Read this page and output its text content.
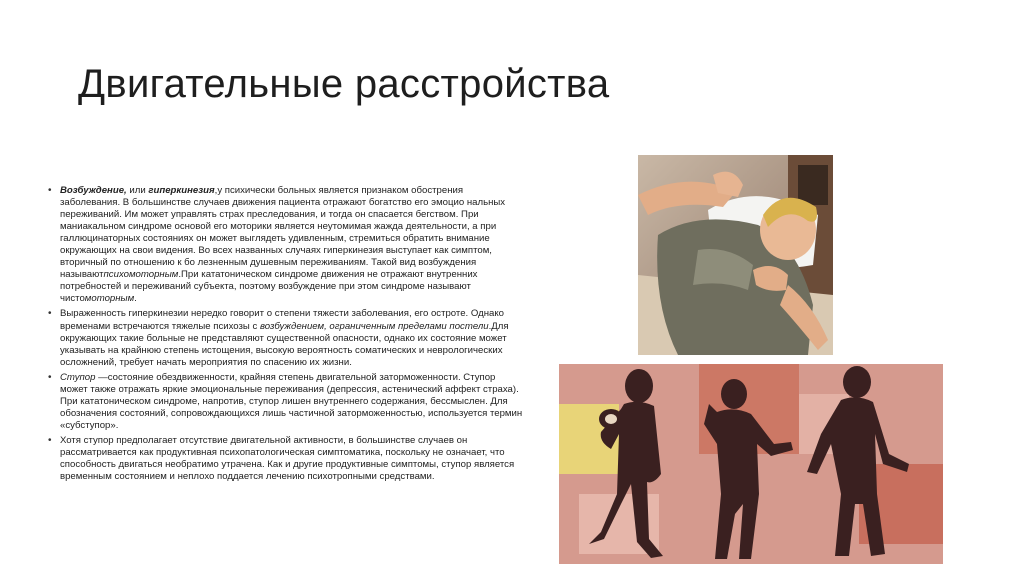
Двигательные расстройства

• Возбуждение, или гиперкинезия,у психически больных является признаком обострения заболевания. В большинстве случаев движения пациента отражают богатство его эмоцио нальных переживаний. Им может управлять страх преследования, и тогда он спасается бегством. При маниакальном синдроме основой его моторики является неутомимая жажда деятельности, а при галлюцинаторных состояниях он может выглядеть удивленным, стремиться обратить внимание окружающих на свои видения. Во всех названных случаях гиперкинезия выступает как симптом, вторичный по отношению к бо лезненным душевным переживаниям. Такой вид возбуждения называютпсихомоторным.При кататоническом синдроме движения не отражают внутренних потребностей и переживаний субъекта, поэтому возбуждение при этом синдроме называют чистомоторным.

• Выраженность гиперкинезии нередко говорит о степени тяжести заболевания, его остроте. Однако временами встречаются тяжелые психозы с возбуждением, ограниченным пределами постели.Для окружающих такие больные не представляют существенной опасности, однако их состояние может указывать на крайнюю степень истощения, высокую вероятность соматических и неврологических осложнений, требует начать мероприятия по спасению их жизни.

• Ступор —состояние обездвиженности, крайняя степень двигательной заторможенности. Ступор может также отражать яркие эмоциональные переживания (депрессия, астенический аффект страха). При кататоническом синдроме, напротив, ступор лишен внутреннего содержания, бессмыслен. Для обозначения состояний, сопровождающихся лишь частичной заторможенностью, используется термин «субступор».

• Хотя ступор предполагает отсутствие двигательной активности, в большинстве случаев он рассматривается как продуктивная психопатологическая симптоматика, поскольку не означает, что способность двигаться необратимо утрачена. Как и другие продуктивные симптомы, ступор является временным состоянием и неплохо поддается лечению психотропными средствами.
